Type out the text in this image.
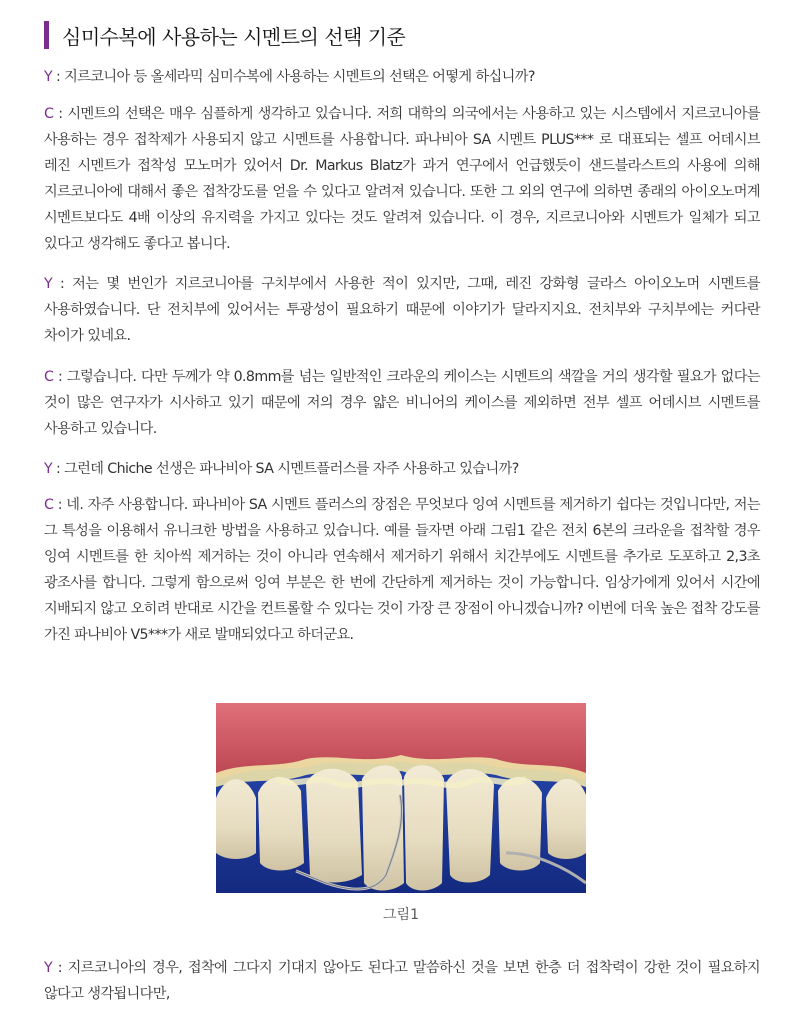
심미수복에 사용하는 시멘트의 선택 기준

Y : 지르코니아 등 올세라믹 심미수복에 사용하는 시멘트의 선택은 어떻게 하십니까?

C : 시멘트의 선택은 매우 심플하게 생각하고 있습니다. 저희 대학의 의국에서는 사용하고 있는 시스템에서 지르코니아를 사용하는 경우 접착제가 사용되지 않고 시멘트를 사용합니다. 파나비아 SA 시멘트 PLUS*** 로 대표되는 셀프 어데시브 레진 시멘트가 접착성 모노머가 있어서 Dr. Markus Blatz가 과거 연구에서 언급했듯이 샌드블라스트의 사용에 의해 지르코니아에 대해서 좋은 접착강도를 얻을 수 있다고 알려져 있습니다. 또한 그 외의 연구에 의하면 종래의 아이오노머계 시멘트보다도 4배 이상의 유지력을 가지고 있다는 것도 알려져 있습니다. 이 경우, 지르코니아와 시멘트가 일체가 되고 있다고 생각해도 좋다고 봅니다.

Y : 저는 몇 번인가 지르코니아를 구치부에서 사용한 적이 있지만, 그때, 레진 강화형 글라스 아이오노머 시멘트를 사용하였습니다. 단 전치부에 있어서는 투광성이 필요하기 때문에 이야기가 달라지지요. 전치부와 구치부에는 커다란 차이가 있네요.

C : 그렇습니다. 다만 두께가 약 0.8mm를 넘는 일반적인 크라운의 케이스는 시멘트의 색깔을 거의 생각할 필요가 없다는 것이 많은 연구자가 시사하고 있기 때문에 저의 경우 얇은 비니어의 케이스를 제외하면 전부 셀프 어데시브 시멘트를 사용하고 있습니다.

Y : 그런데 Chiche 선생은 파나비아 SA 시멘트플러스를 자주 사용하고 있습니까?

C : 네. 자주 사용합니다. 파나비아 SA 시멘트 플러스의 장점은 무엇보다 잉여 시멘트를 제거하기 쉽다는 것입니다만, 저는 그 특성을 이용해서 유니크한 방법을 사용하고 있습니다. 예를 들자면 아래 그림1 같은 전치 6본의 크라운을 접착할 경우 잉여 시멘트를 한 치아씩 제거하는 것이 아니라 연속해서 제거하기 위해서 치간부에도 시멘트를 추가로 도포하고 2,3초 광조사를 합니다. 그렇게 함으로써 잉여 부분은 한 번에 간단하게 제거하는 것이 가능합니다. 임상가에게 있어서 시간에 지배되지 않고 오히려 반대로 시간을 컨트롤할 수 있다는 것이 가장 큰 장점이 아니겠습니까? 이번에 더욱 높은 접착 강도를 가진 파나비아 V5***가 새로 발매되었다고 하더군요.

그림1

Y : 지르코니아의 경우, 접착에 그다지 기대지 않아도 된다고 말씀하신 것을 보면 한층 더 접착력이 강한 것이 필요하지 않다고 생각됩니다만,
